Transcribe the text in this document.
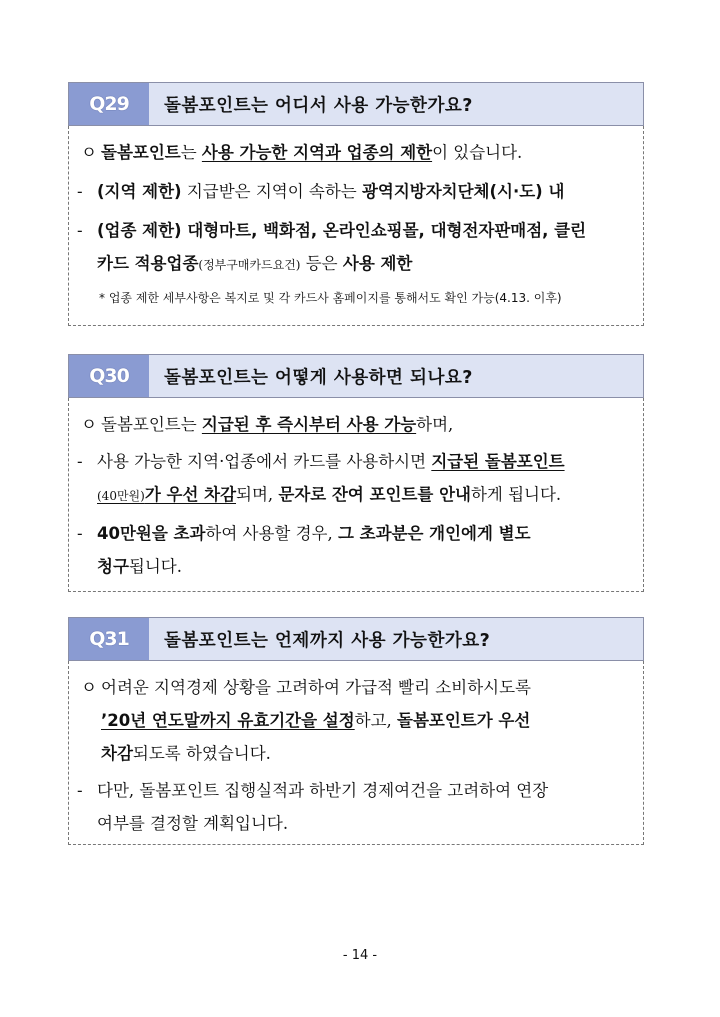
Q29	돌봄포인트는 어디서 사용 가능한가요?
ㅇ 돌봄포인트는 사용 가능한 지역과 업종의 제한이 있습니다.
- (지역 제한) 지급받은 지역이 속하는 광역지방자치단체(시·도) 내
- (업종 제한) 대형마트, 백화점, 온라인쇼핑몰, 대형전자판매점, 클린
카드 적용업종(정부구매카드요건) 등은 사용 제한
* 업종 제한 세부사항은 복지로 및 각 카드사 홈페이지를 통해서도 확인 가능(4.13. 이후)
Q30	돌봄포인트는 어떻게 사용하면 되나요?
ㅇ 돌봄포인트는 지급된 후 즉시부터 사용 가능하며,
- 사용 가능한 지역·업종에서 카드를 사용하시면 지급된 돌봄포인트
(40만원)가 우선 차감되며, 문자로 잔여 포인트를 안내하게 됩니다.
- 40만원을 초과하여 사용할 경우, 그 초과분은 개인에게 별도
청구됩니다.
Q31	돌봄포인트는 언제까지 사용 가능한가요?
ㅇ 어려운 지역경제 상황을 고려하여 가급적 빨리 소비하시도록
’20년 연도말까지 유효기간을 설정하고, 돌봄포인트가 우선
차감되도록 하였습니다.
- 다만, 돌봄포인트 집행실적과 하반기 경제여건을 고려하여 연장
여부를 결정할 계획입니다.
- 14 -
